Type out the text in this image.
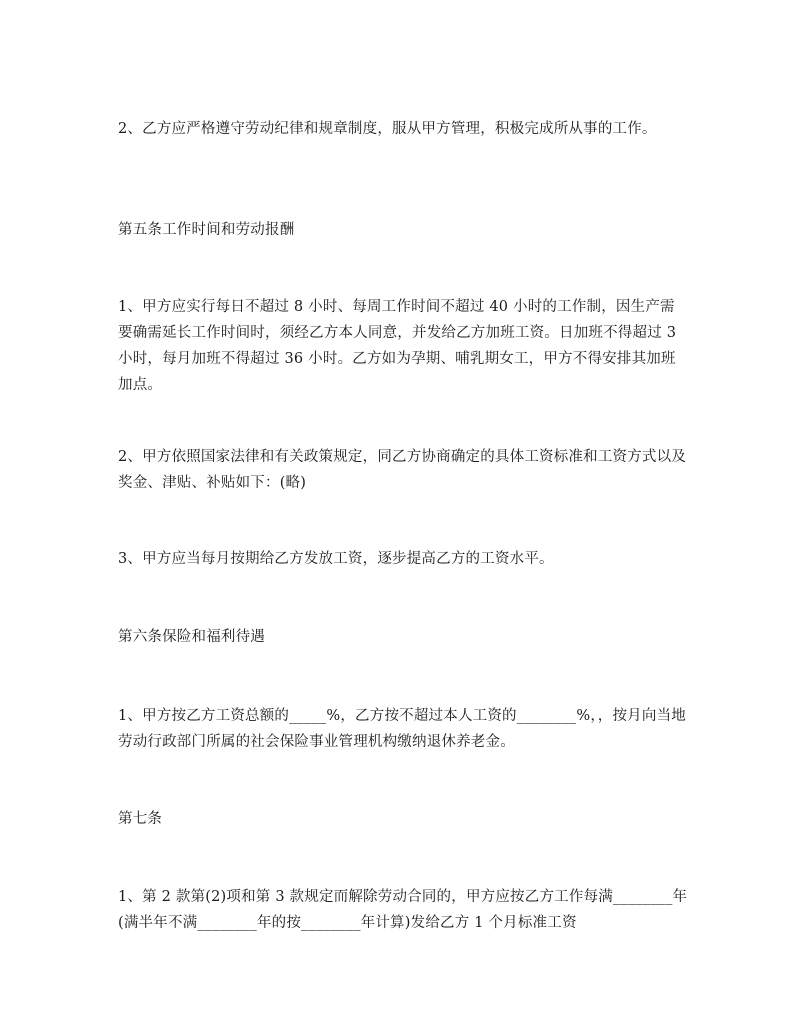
2、乙方应严格遵守劳动纪律和规章制度，服从甲方管理，积极完成所从事的工作。

第五条工作时间和劳动报酬

1、甲方应实行每日不超过 8 小时、每周工作时间不超过 40 小时的工作制，因生产需要确需延长工作时间时，须经乙方本人同意，并发给乙方加班工资。日加班不得超过 3 小时，每月加班不得超过 36 小时。乙方如为孕期、哺乳期女工，甲方不得安排其加班加点。

2、甲方依照国家法律和有关政策规定，同乙方协商确定的具体工资标准和工资方式以及奖金、津贴、补贴如下：(略)

3、甲方应当每月按期给乙方发放工资，逐步提高乙方的工资水平。

第六条保险和福利待遇

1、甲方按乙方工资总额的_____%，乙方按不超过本人工资的________%，，按月向当地劳动行政部门所属的社会保险事业管理机构缴纳退休养老金。

第七条

1、第 2 款第(2)项和第 3 款规定而解除劳动合同的，甲方应按乙方工作每满________年(满半年不满________年的按________年计算)发给乙方 1 个月标准工资
